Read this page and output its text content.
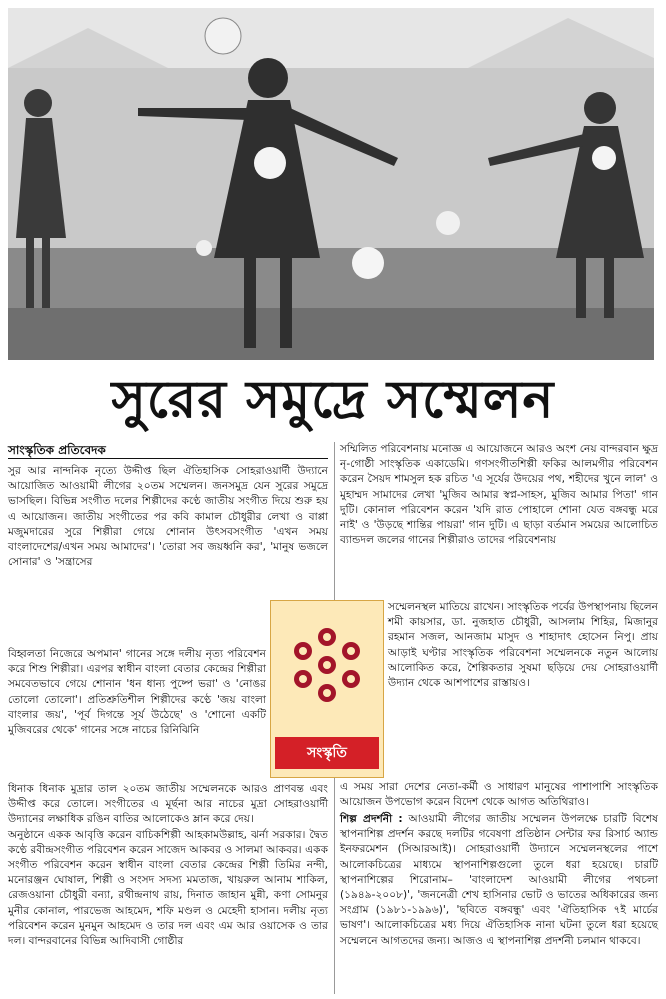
সুরের সমুদ্রে সম্মেলন
সাংস্কৃতিক প্রতিবেদক

সুর আর নান্দনিক নৃত্যে উদ্দীপ্ত ছিল ঐতিহাসিক সোহরাওয়ার্দী উদ্যানে আয়োজিত আওয়ামী লীগের ২০তম সম্মেলন। জনসমুদ্র যেন সুরের সমুদ্রে ভাসছিল। বিভিন্ন সংগীত দলের শিল্পীদের কণ্ঠে জাতীয় সংগীত দিয়ে শুরু হয় এ আয়োজন। জাতীয় সংগীতের পর কবি কামাল চৌধুরীর লেখা ও বাপ্পা মজুমদারের সুরে শিল্পীরা গেয়ে শোনান উৎসবসংগীত 'এখন সময় বাংলাদেশের/এখন সময় আমাদের'। 'তোরা সব জয়ধ্বনি কর', 'মানুষ ভজলে সোনার' ও 'সন্ত্রাসের

বিহ্বলতা নিজেরে অপমান' গানের সঙ্গে দলীয় নৃত্য পরিবেশন করে শিশু শিল্পীরা। এরপর স্বাধীন বাংলা বেতার কেন্দ্রের শিল্পীরা সমবেতভাবে গেয়ে শোনান 'ধন ধান্য পুষ্পে ভরা' ও 'নোঙর তোলো তোলো'। প্রতিশ্রুতিশীল শিল্পীদের কণ্ঠে 'জয় বাংলা বাংলার জয়', 'পূর্ব দিগন্তে সূর্য উঠেছে' ও 'শোনো একটি মুজিবরের থেকে' গানের সঙ্গে নাচের রিনিঝিনি

ধিনাক ধিনাক মুদ্রার তাল ২০তম জাতীয় সম্মেলনকে আরও প্রাণবন্ত এবং উদ্দীপ্ত করে তোলে। সংগীতের এ মূর্ছনা আর নাচের মুদ্রা সোহরাওয়ার্দী উদ্যানের লক্ষাধিক রঙিন বাতির আলোকেও ম্লান করে দেয়।
অনুষ্ঠানে একক আবৃত্তি করেন বাচিকশিল্পী আহকামউল্লাহ, ঝর্না সরকার। দ্বৈত কণ্ঠে রবীন্দ্রসংগীত পরিবেশন করেন সাজেদ আকবর ও সালমা আকবর। একক সংগীত পরিবেশন করেন স্বাধীন বাংলা বেতার কেন্দ্রের শিল্পী তিমির নন্দী, মনোরঞ্জন ঘোষাল, শিল্পী ও সংসদ সদস্য মমতাজ, খায়রুল আনাম শাকিল, রেজওয়ানা চৌধুরী বন্যা, রথীন্দ্রনাথ রায়, দিনাত জাহান মুন্নী, কণা সোমনুর মুনীর কোনাল, পারভেজ আহমেদ, শফি মণ্ডল ও মেহেদী হাসান। দলীয় নৃত্য পরিবেশন করেন মুনমুন আহমেদ ও তার দল এবং এম আর ওয়াসেক ও তার দল। বান্দরবানের বিভিন্ন আদিবাসী গোষ্ঠীর

সম্মিলিত পরিবেশনায় মনোজ্ঞ এ আয়োজনে আরও অংশ নেয় বান্দরবান ক্ষুদ্র নৃ-গোষ্ঠী সাংস্কৃতিক একাডেমি। গণসংগীতশিল্পী ফকির আলমগীর পরিবেশন করেন সৈয়দ শামসুল হক রচিত 'এ সূর্যের উদয়ের পথ, শহীদের খুনে লাল' ও মুহাম্মদ সামাদের লেখা 'মুজিব আমার স্বপ্ন-সাহস, মুজিব আমার পিতা' গান দুটি। কোনাল পরিবেশন করেন 'যদি রাত পোহালে শোনা যেত বঙ্গবন্ধু মরে নাই' ও 'উড়ছে শান্তির পায়রা' গান দুটি। এ ছাড়া বর্তমান সময়ের আলোচিত ব্যান্ডদল জলের গানের শিল্পীরাও তাদের পরিবেশনায়

সম্মেলনস্থল মাতিয়ে রাখেন। সাংস্কৃতিক পর্বের উপস্থাপনায় ছিলেন শমী কায়সার, ডা. নুজহাত চৌধুরী, আসলাম শিহির, মিজানুর রহমান সজল, আনজাম মাসুদ ও শাহাদাৎ হোসেন নিপু। প্রায় আড়াই ঘণ্টার সাংস্কৃতিক পরিবেশনা সম্মেলনকে নতুন আলোয় আলোকিত করে, শৈল্পিকতার সুষমা ছড়িয়ে দেয় সোহরাওয়ার্দী উদ্যান থেকে আশপাশের রাস্তায়ও।

এ সময় সারা দেশের নেতা-কর্মী ও সাধারণ মানুষের পাশাপাশি সাংস্কৃতিক আয়োজন উপভোগ করেন বিদেশ থেকে আগত অতিথিরাও।

শিল্প প্রদর্শনী : আওয়ামী লীগের জাতীয় সম্মেলন উপলক্ষে চারটি বিশেষ স্থাপনাশিল্প প্রদর্শন করছে দলটির গবেষণা প্রতিষ্ঠান সেন্টার ফর রিসার্চ অ্যান্ড ইনফরমেশন (সিআরআই)। সোহরাওয়ার্দী উদ্যানে সম্মেলনস্থলের পাশে আলোকচিত্রের মাধ্যমে স্থাপনাশিল্পগুলো তুলে ধরা হয়েছে। চারটি স্থাপনাশিল্পের শিরোনাম– 'বাংলাদেশ আওয়ামী লীগের পথচলা (১৯৪৯-২০০৮)', 'জননেত্রী শেখ হাসিনার ভোট ও ভাতের অধিকারের জন্য সংগ্রাম (১৯৮১-১৯৯৬)', 'ছবিতে বঙ্গবন্ধু' এবং 'ঐতিহাসিক ৭ই মার্চের ভাষণ'। আলোকচিত্রের মধ্য দিয়ে ঐতিহাসিক নানা ঘটনা তুলে ধরা হয়েছে সম্মেলনে আগতদের জন্য। আজও এ স্থাপনাশিল্প প্রদর্শনী চলমান থাকবে।

সংস্কৃতি
